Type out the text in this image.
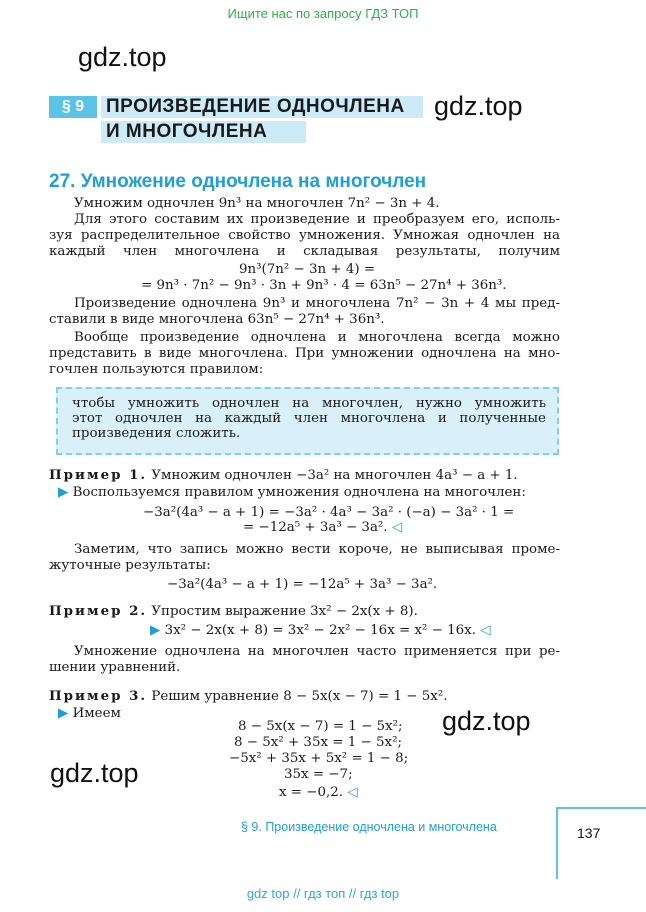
Ищите нас по запросу ГДЗ ТОП
gdz.top
gdz.top
gdz.top
gdz.top
§ 9	ПРОИЗВЕДЕНИЕ ОДНОЧЛЕНА
И МНОГОЧЛЕНА
27. Умножение одночлена на многочлен
Умножим одночлен 9n³ на многочлен 7n² − 3n + 4.
Для этого составим их произведение и преобразуем его, исполь-
зуя распределительное свойство умножения. Умножая одночлен на
каждый член многочлена и складывая результаты, получим
9n³(7n² − 3n + 4) =
= 9n³ · 7n² − 9n³ · 3n + 9n³ · 4 = 63n⁵ − 27n⁴ + 36n³.
Произведение одночлена 9n³ и многочлена 7n² − 3n + 4 мы пред-
ставили в виде многочлена 63n⁵ − 27n⁴ + 36n³.
Вообще произведение одночлена и многочлена всегда можно
представить в виде многочлена. При умножении одночлена на мно-
гочлен пользуются правилом:
чтобы умножить одночлен на многочлен, нужно умножить
этот одночлен на каждый член многочлена и полученные
произведения сложить.
Пример 1. Умножим одночлен −3a² на многочлен 4a³ − a + 1.
▶ Воспользуемся правилом умножения одночлена на многочлен:
−3a²(4a³ − a + 1) = −3a² · 4a³ − 3a² · (−a) − 3a² · 1 =
= −12a⁵ + 3a³ − 3a². ◁
Заметим, что запись можно вести короче, не выписывая проме-
жуточные результаты:
−3a²(4a³ − a + 1) = −12a⁵ + 3a³ − 3a².
Пример 2. Упростим выражение 3x² − 2x(x + 8).
▶ 3x² − 2x(x + 8) = 3x² − 2x² − 16x = x² − 16x. ◁
Умножение одночлена на многочлен часто применяется при ре-
шении уравнений.
Пример 3. Решим уравнение 8 − 5x(x − 7) = 1 − 5x².
▶ Имеем
8 − 5x(x − 7) = 1 − 5x²;
8 − 5x² + 35x = 1 − 5x²;
−5x² + 35x + 5x² = 1 − 8;
35x = −7;
x = −0,2. ◁
§ 9. Произведение одночлена и многочлена	137
gdz top // гдз топ // гдз top
